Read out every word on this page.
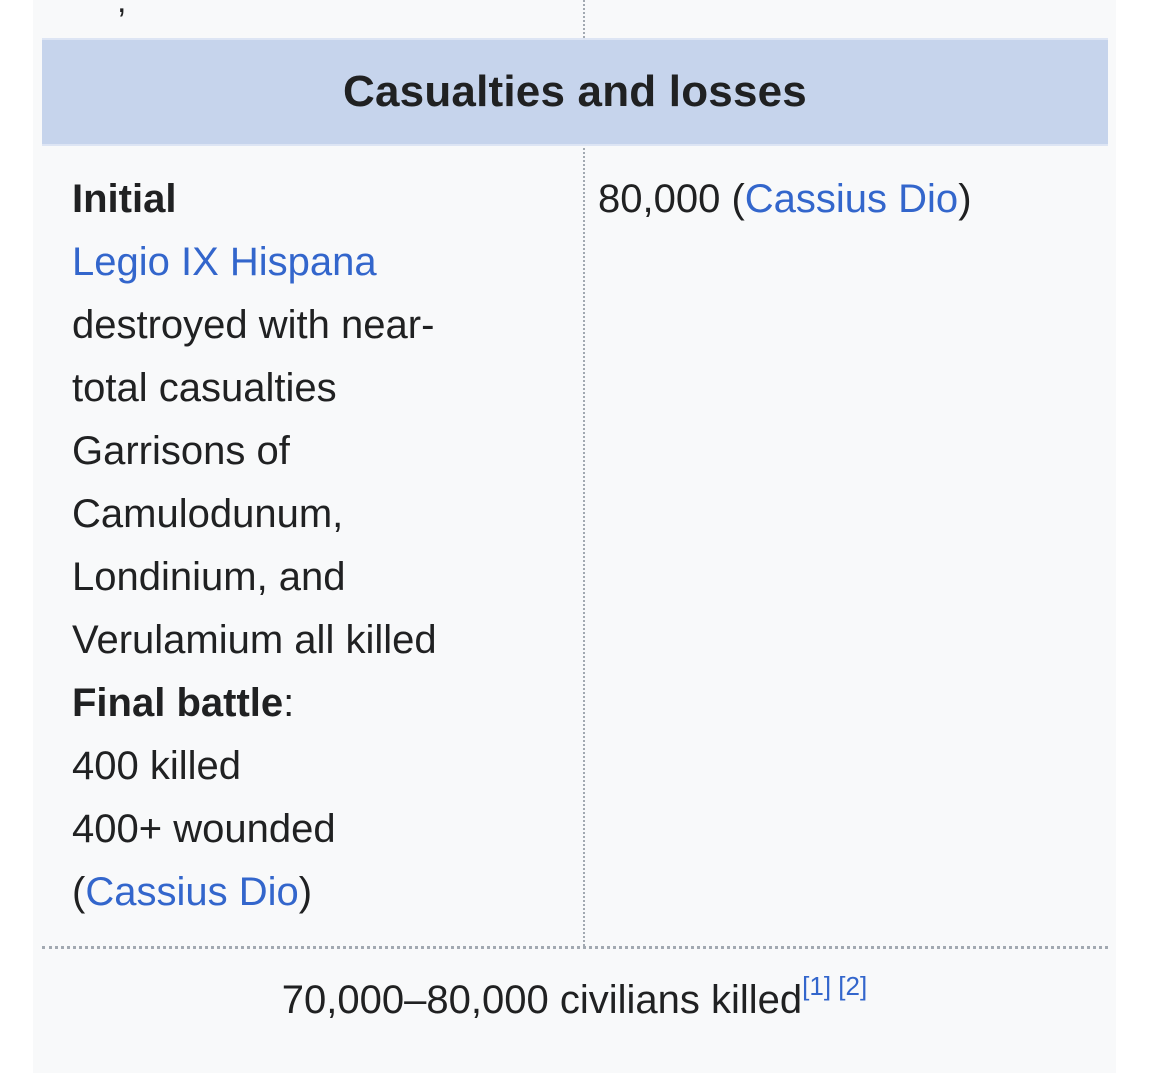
,
Casualties and losses
Initial
Legio IX Hispana
destroyed with near-
total casualties
Garrisons of
Camulodunum,
Londinium, and
Verulamium all killed
Final battle:
400 killed
400+ wounded
(Cassius Dio)
80,000 (Cassius Dio)
70,000–80,000 civilians killed[1] [2]
